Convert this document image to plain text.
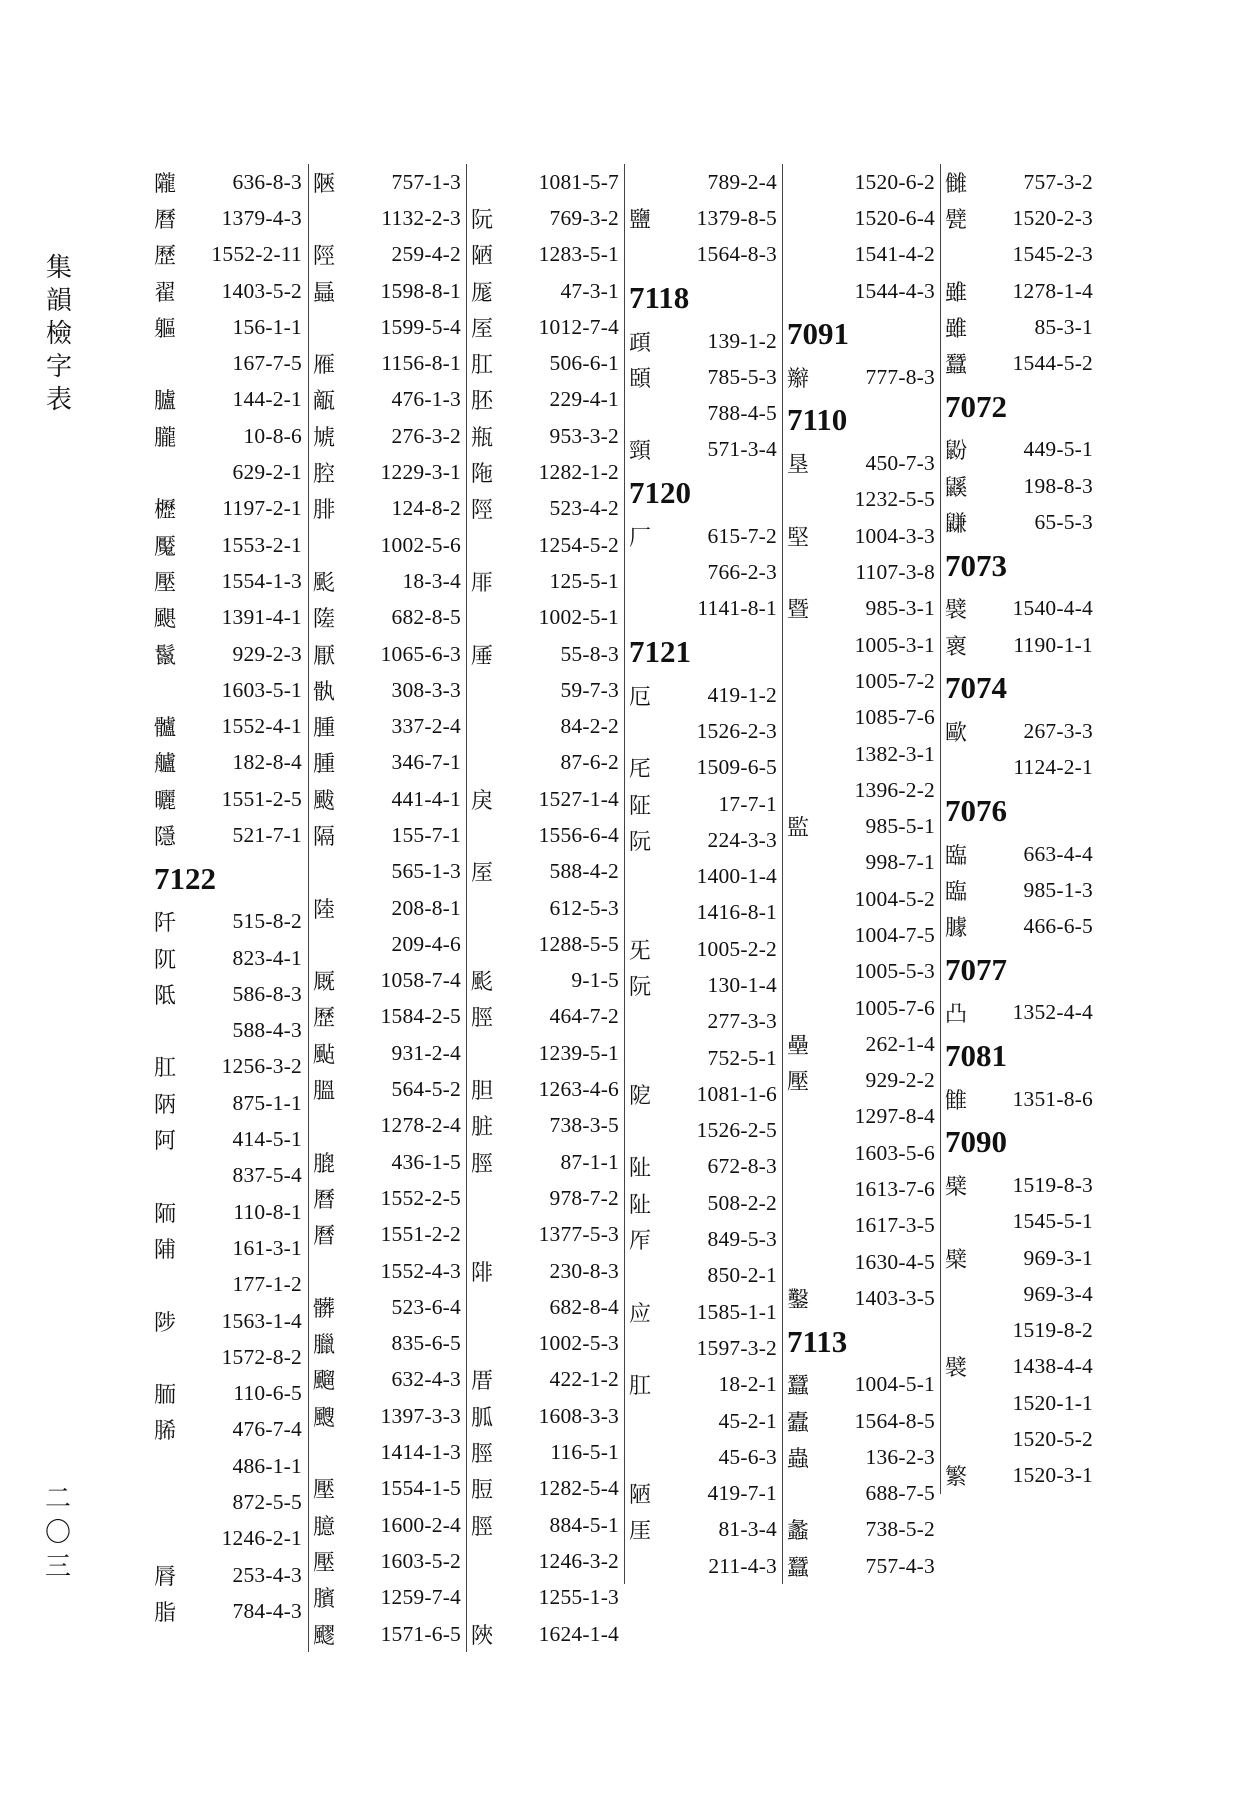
集
韻
檢
字
表
隴	636-8-3
曆	1379-4-3
歷	1552-2-11
翟	1403-5-2
軀	156-1-1
167-7-5
臚	144-2-1
朧	10-8-6
629-2-1
櫪	1197-2-1
魘	1553-2-1
壓	1554-1-3
颶	1391-4-1
鬣	929-2-3
1603-5-1
髗	1552-4-1
艫	182-8-4
曬	1551-2-5
隱	521-7-1
7122
阡	515-8-2
阢	823-4-1
阺	586-8-3
588-4-3
肛	1256-3-2
陃	875-1-1
阿	414-5-1
837-5-4
陑	110-8-1
陠	161-3-1
177-1-2
陟	1563-1-4
1572-8-2
胹	110-6-5
脪	476-7-4
486-1-1
872-5-5
1246-2-1
脣	253-4-3
脂	784-4-3
陿	757-1-3
1132-2-3
陘	259-4-2
螶	1598-8-1
1599-5-4
雁	1156-8-1
甋	476-1-3
虓	276-3-2
腔	1229-3-1
腓	124-8-2
1002-5-6
颩	18-3-4
隓	682-8-5
厭	1065-6-3
骫	308-3-3
腫	337-2-4
腫	346-7-1
颰	441-4-1
隔	155-7-1
565-1-3
陸	208-8-1
209-4-6
厩	1058-7-4
歷	1584-2-5
颭	931-2-4
膃	564-5-2
1278-2-4
膍	436-1-5
曆	1552-2-5
曆	1551-2-2
1552-4-3
髒	523-6-4
臘	835-6-5
飀	632-4-3
颼	1397-3-3
1414-1-3
壓	1554-1-5
臆	1600-2-4
壓	1603-5-2
臏	1259-7-4
飂	1571-6-5
1081-5-7
阮	769-3-2
陋	1283-5-1
厖	47-3-1
厔	1012-7-4
肛	506-6-1
胚	229-4-1
瓶	953-3-2
陁	1282-1-2
陘	523-4-2
1254-5-2
厞	125-5-1
1002-5-1
厜	55-8-3
59-7-3
84-2-2
87-6-2
戾	1527-1-4
1556-6-4
厔	588-4-2
612-5-3
1288-5-5
颩	9-1-5
脛	464-7-2
1239-5-1
胆	1263-4-6
脏	738-3-5
脛	87-1-1
978-7-2
1377-5-3
陫	230-8-3
682-8-4
1002-5-3
厝	422-1-2
胍	1608-3-3
脛	116-5-1
脰	1282-5-4
脛	884-5-1
1246-3-2
1255-1-3
陜	1624-1-4
789-2-4
鹽	1379-8-5
1564-8-3
7118
頙	139-1-2
頣	785-5-3
788-4-5
頸	571-3-4
7120
厂	615-7-2
766-2-3
1141-8-1
7121
厄	419-1-2
1526-2-3
厇	1509-6-5
阷	17-7-1
阮	224-3-3
1400-1-4
1416-8-1
旡	1005-2-2
阮	130-1-4
277-3-3
752-5-1
阸	1081-1-6
1526-2-5
阯	672-8-3
阯	508-2-2
厏	849-5-3
850-2-1
应	1585-1-1
1597-3-2
肛	18-2-1
45-2-1
45-6-3
陋	419-7-1
厓	81-3-4
211-4-3
1520-6-2
1520-6-4
1541-4-2
1544-4-3
7091
辮	777-8-3
7110
垦	450-7-3
1232-5-5
堅	1004-3-3
1107-3-8
暨	985-3-1
1005-3-1
1005-7-2
1085-7-6
1382-3-1
1396-2-2
監	985-5-1
998-7-1
1004-5-2
1004-7-5
1005-5-3
1005-7-6
壘	262-1-4
壓	929-2-2
1297-8-4
1603-5-6
1613-7-6
1617-3-5
1630-4-5
鑿	1403-3-5
7113
蠶	1004-5-1
蠹	1564-8-5
蟲	136-2-3
688-7-5
蠡	738-5-2
蠶	757-4-3
雠	757-3-2
甓	1520-2-3
1545-2-3
雖	1278-1-4
雖	85-3-1
蠶	1544-5-2
7072
鼢	449-5-1
鼷	198-8-3
鼸	65-5-3
7073
襞	1540-4-4
褱	1190-1-1
7074
歐	267-3-3
1124-2-1
7076
臨	663-4-4
臨	985-1-3
臄	466-6-5
7077
凸	1352-4-4
7081
雔	1351-8-6
7090
檗	1519-8-3
1545-5-1
檗	969-3-1
969-3-4
1519-8-2
襞	1438-4-4
1520-1-1
1520-5-2
繁	1520-3-1
二
〇
三
